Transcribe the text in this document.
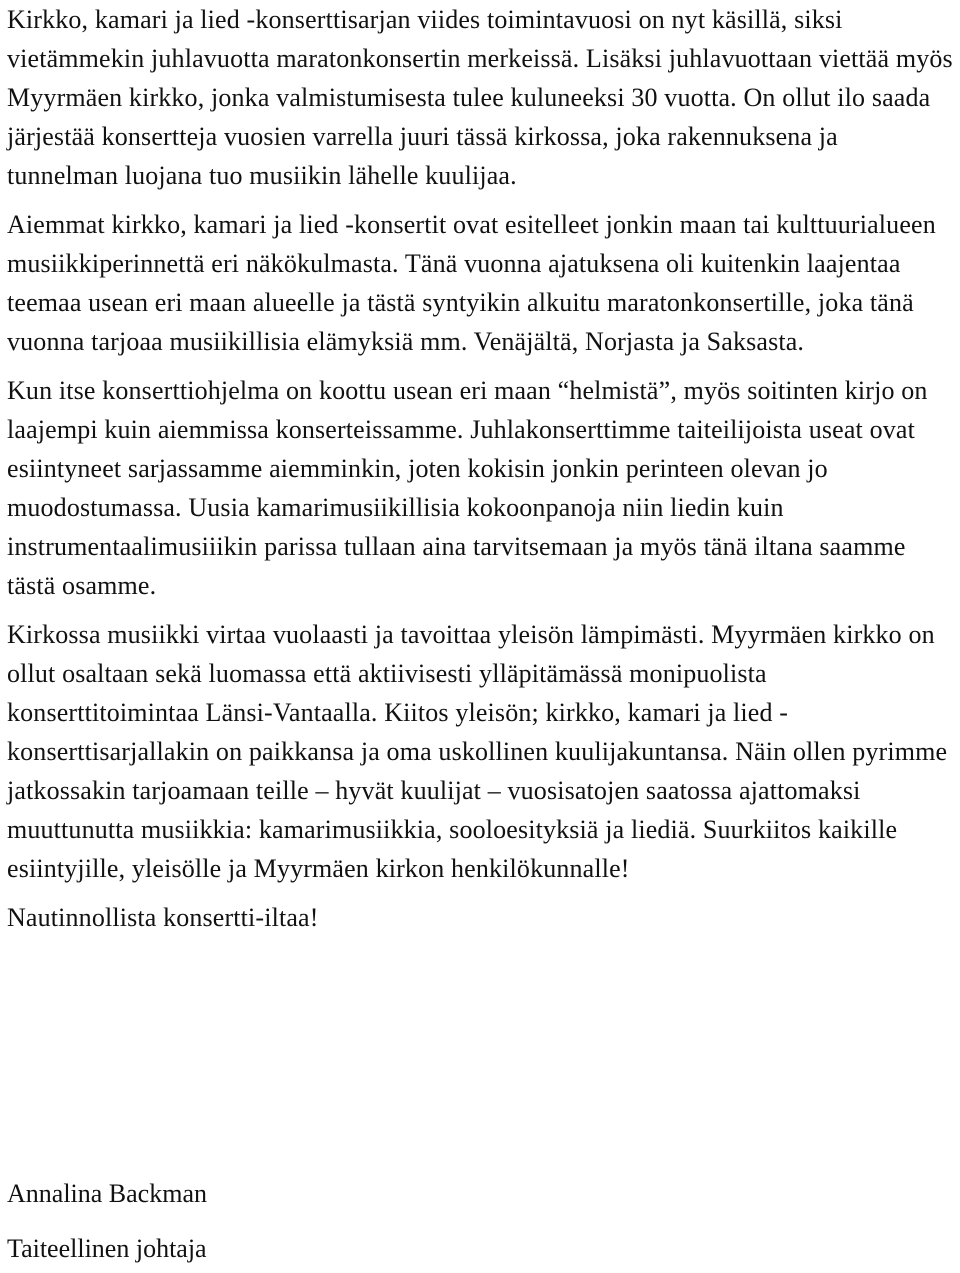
Kirkko, kamari ja lied -konserttisarjan viides toimintavuosi on nyt käsillä, siksi vietämmekin juhlavuotta maratonkonsertin merkeissä. Lisäksi juhlavuottaan viettää myös Myyrmäen kirkko, jonka valmistumisesta tulee kuluneeksi 30 vuotta. On ollut ilo saada järjestää konsertteja vuosien varrella juuri tässä kirkossa, joka rakennuksena ja tunnelman luojana tuo musiikin lähelle kuulijaa.

Aiemmat kirkko, kamari ja lied -konsertit ovat esitelleet jonkin maan tai kulttuurialueen musiikkiperinnettä eri näkökulmasta. Tänä vuonna ajatuksena oli kuitenkin laajentaa teemaa usean eri maan alueelle ja tästä syntyikin alkuitu maratonkonsertille, joka tänä vuonna tarjoaa musiikillisia elämyksiä mm. Venäjältä, Norjasta ja Saksasta.

Kun itse konserttiohjelma on koottu usean eri maan “helmistä”, myös soitinten kirjo on laajempi kuin aiemmissa konserteissamme. Juhlakonserttimme taiteilijoista useat ovat esiintyneet sarjassamme aiemminkin, joten kokisin jonkin perinteen olevan jo muodostumassa. Uusia kamarimusiikillisia kokoonpanoja niin liedin kuin instrumentaalimusiiikin parissa tullaan aina tarvitsemaan ja myös tänä iltana saamme tästä osamme.

Kirkossa musiikki virtaa vuolaasti ja tavoittaa yleisön lämpimästi. Myyrmäen kirkko on ollut osaltaan sekä luomassa että aktiivisesti ylläpitämässä monipuolista konserttitoimintaa Länsi-Vantaalla. Kiitos yleisön; kirkko, kamari ja lied -konserttisarjallakin on paikkansa ja oma uskollinen kuulijakuntansa. Näin ollen pyrimme jatkossakin tarjoamaan teille – hyvät kuulijat – vuosisatojen saatossa ajattomaksi muuttunutta musiikkia: kamarimusiikkia, sooloesityksiä ja liediä. Suurkiitos kaikille esiintyjille, yleisölle ja Myyrmäen kirkon henkilökunnalle!

Nautinnollista konsertti-iltaa!

Annalina Backman

Taiteellinen johtaja
